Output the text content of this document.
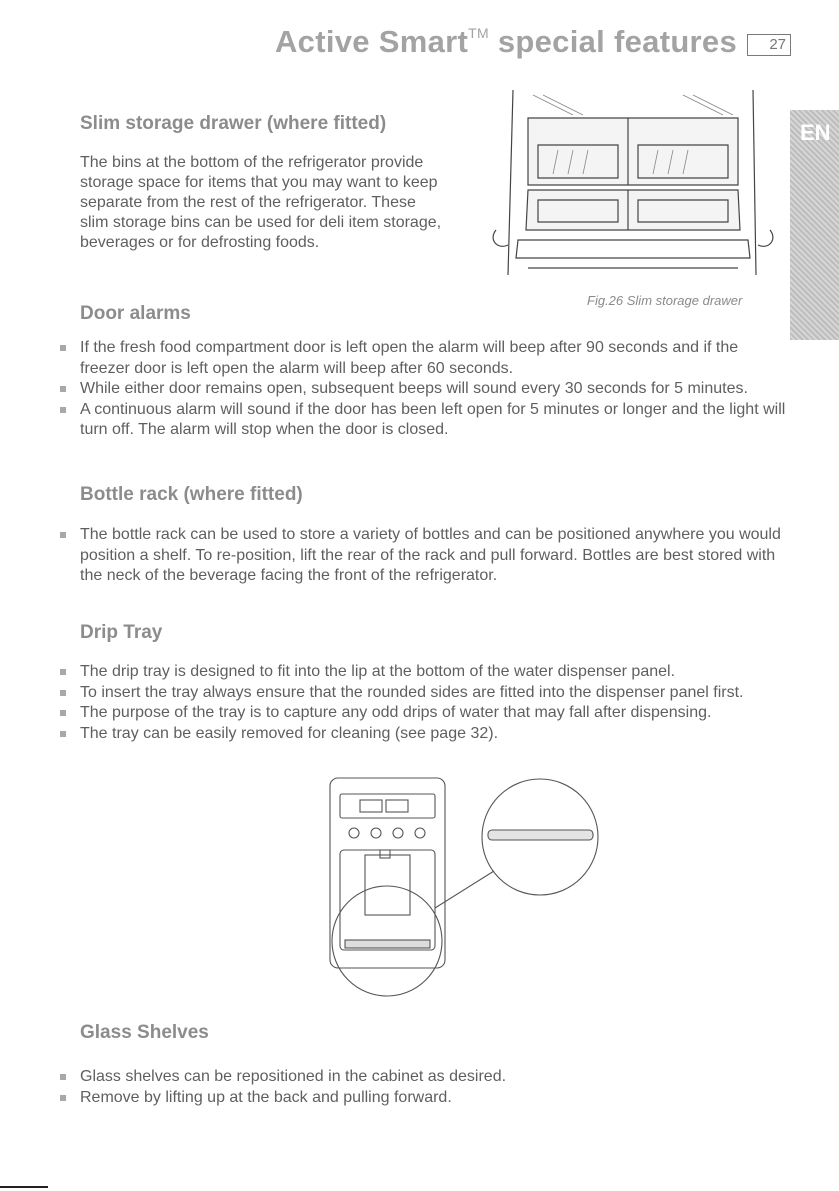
Active Smart™ special features	27
EN
Slim storage drawer (where fitted)
The bins at the bottom of the refrigerator provide
storage space for items that you may want to keep
separate from the rest of the refrigerator. These
slim storage bins can be used for deli item storage,
beverages or for defrosting foods.
Fig.26 Slim storage drawer
Door alarms
If the fresh food compartment door is left open the alarm will beep after 90 seconds and if the freezer door is left open the alarm will beep after 60 seconds.
While either door remains open, subsequent beeps will sound every 30 seconds for 5 minutes.
A continuous alarm will sound if the door has been left open for 5 minutes or longer and the light will turn off. The alarm will stop when the door is closed.
Bottle rack (where fitted)
The bottle rack can be used to store a variety of bottles and can be positioned anywhere you would position a shelf. To re-position, lift the rear of the rack and pull forward. Bottles are best stored with the neck of the beverage facing the front of the refrigerator.
Drip Tray
The drip tray is designed to fit into the lip at the bottom of the water dispenser panel.
To insert the tray always ensure that the rounded sides are fitted into the dispenser panel first.
The purpose of the tray is to capture any odd drips of water that may fall after dispensing.
The tray can be easily removed for cleaning (see page 32).
Glass Shelves
Glass shelves can be repositioned in the cabinet as desired.
Remove by lifting up at the back and pulling forward.
